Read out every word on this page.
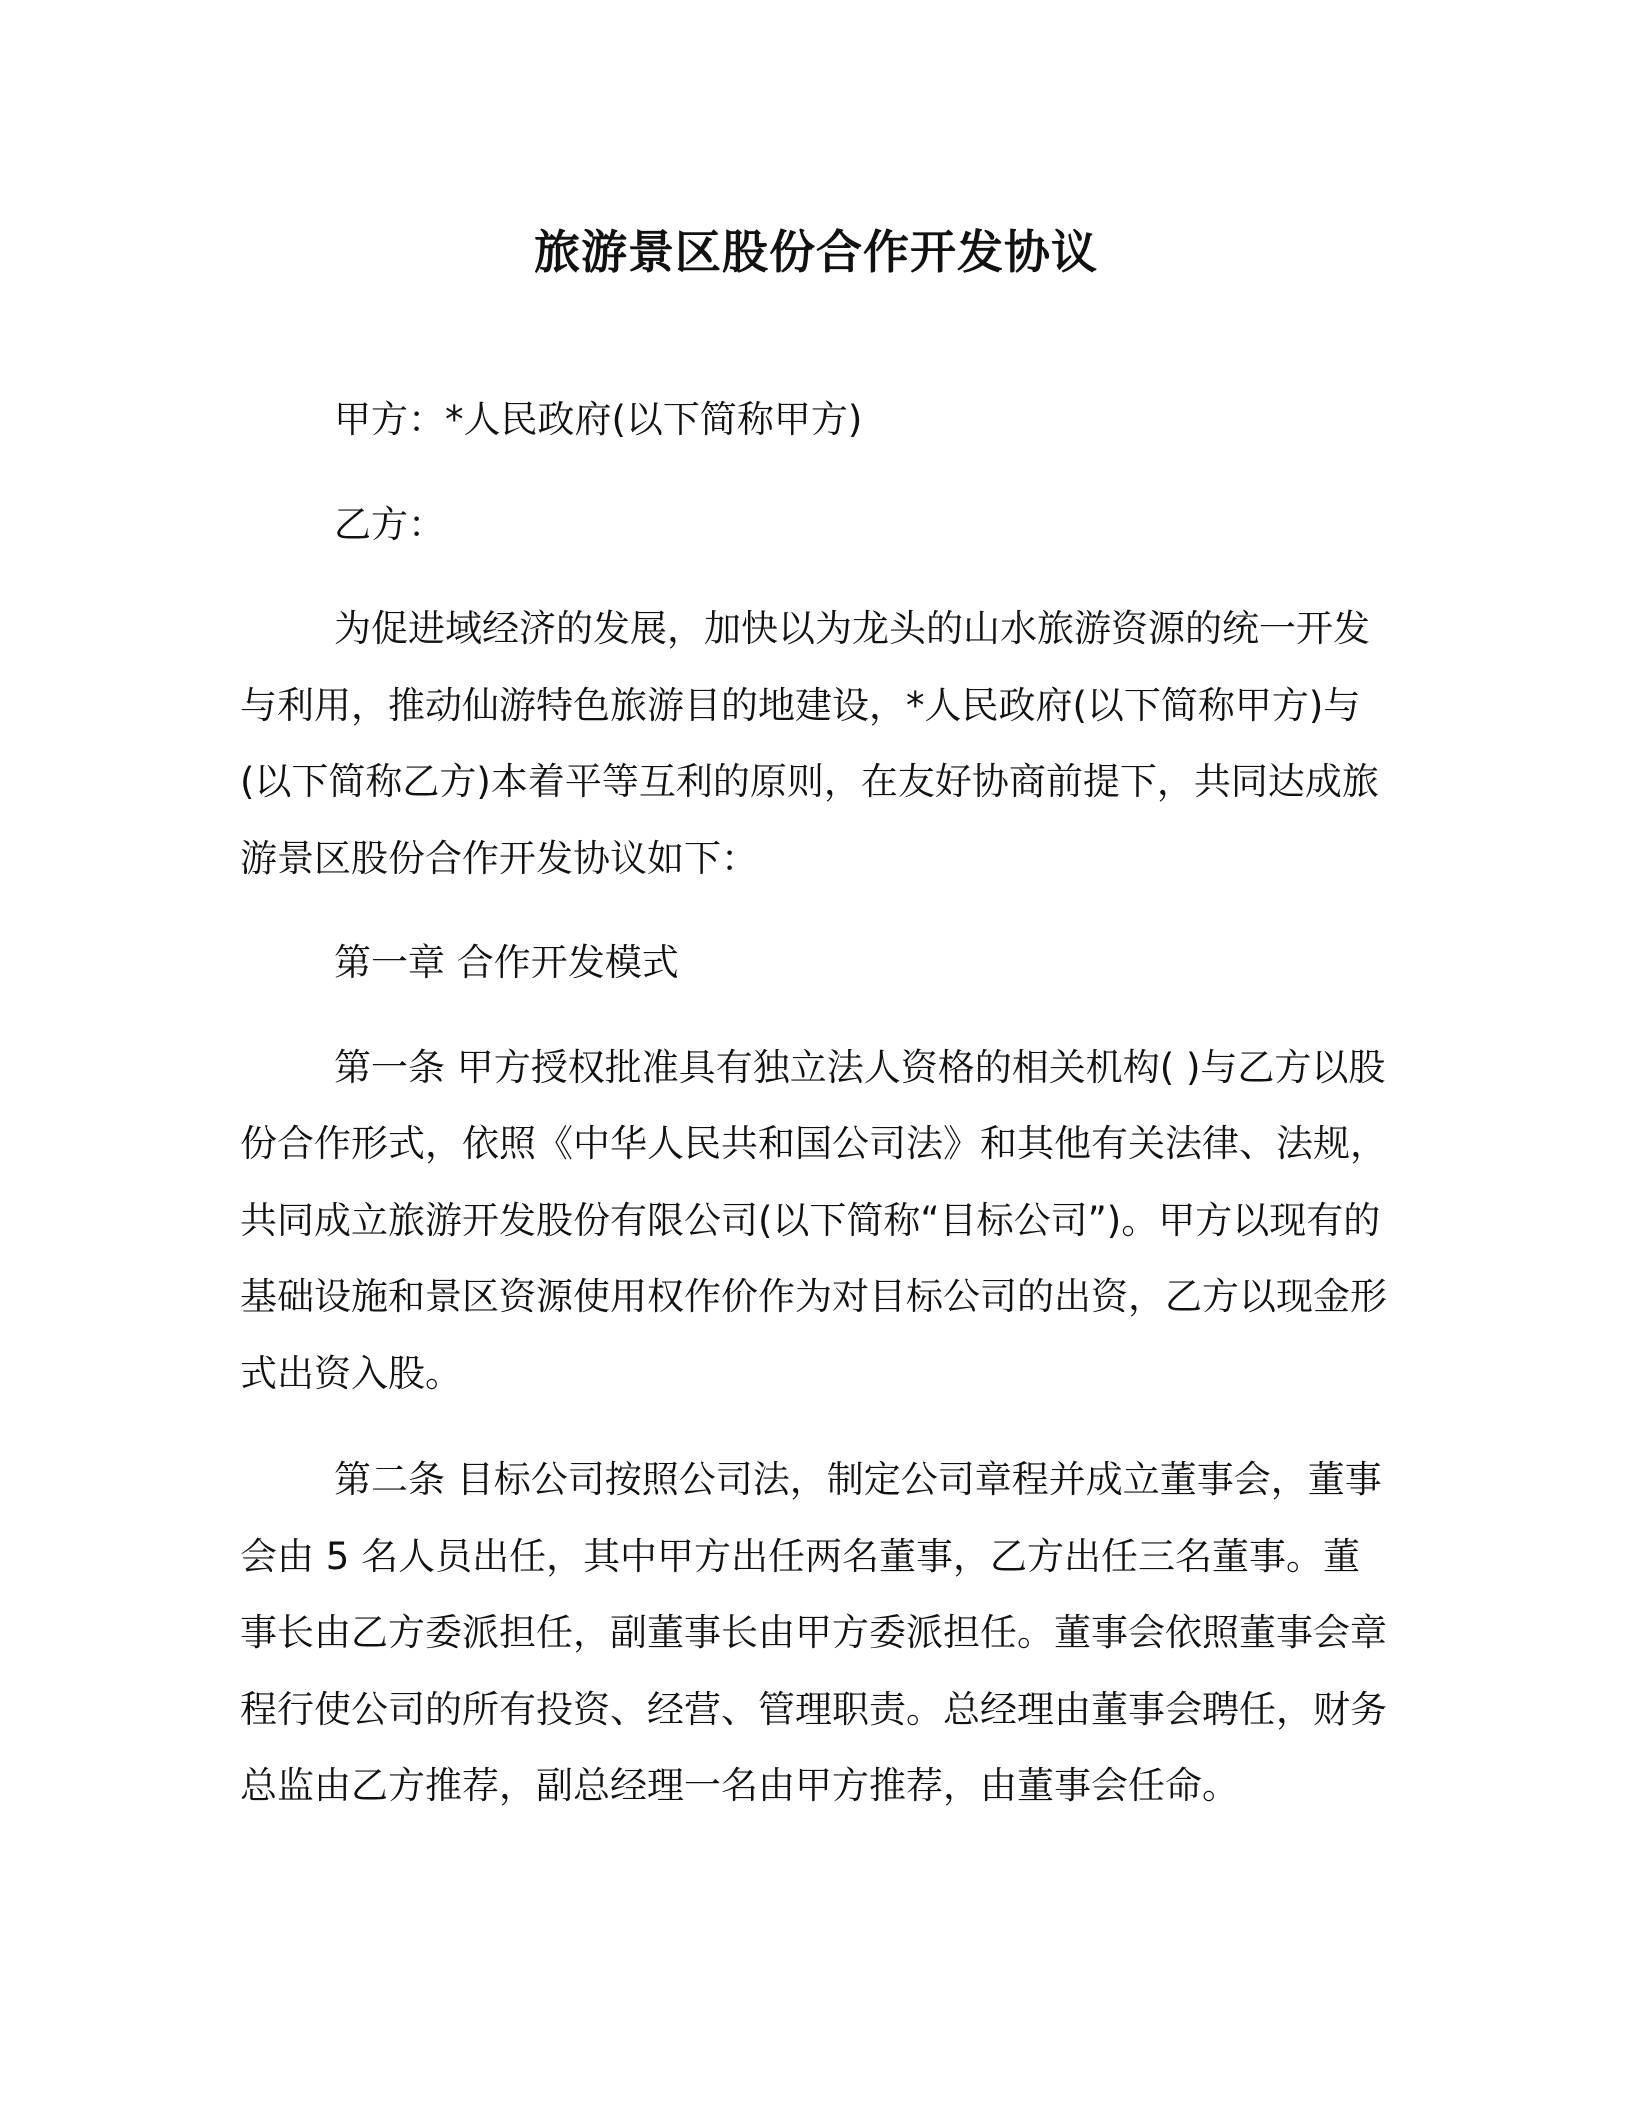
旅游景区股份合作开发协议

甲方：*人民政府(以下简称甲方)

乙方：

为促进域经济的发展，加快以为龙头的山水旅游资源的统一开发与利用，推动仙游特色旅游目的地建设，*人民政府(以下简称甲方)与(以下简称乙方)本着平等互利的原则，在友好协商前提下，共同达成旅游景区股份合作开发协议如下：

第一章 合作开发模式

第一条 甲方授权批准具有独立法人资格的相关机构( )与乙方以股份合作形式，依照《中华人民共和国公司法》和其他有关法律、法规，共同成立旅游开发股份有限公司(以下简称“目标公司”)。甲方以现有的基础设施和景区资源使用权作价作为对目标公司的出资，乙方以现金形式出资入股。

第二条 目标公司按照公司法，制定公司章程并成立董事会，董事会由 5 名人员出任，其中甲方出任两名董事，乙方出任三名董事。董事长由乙方委派担任，副董事长由甲方委派担任。董事会依照董事会章程行使公司的所有投资、经营、管理职责。总经理由董事会聘任，财务总监由乙方推荐，副总经理一名由甲方推荐，由董事会任命。
